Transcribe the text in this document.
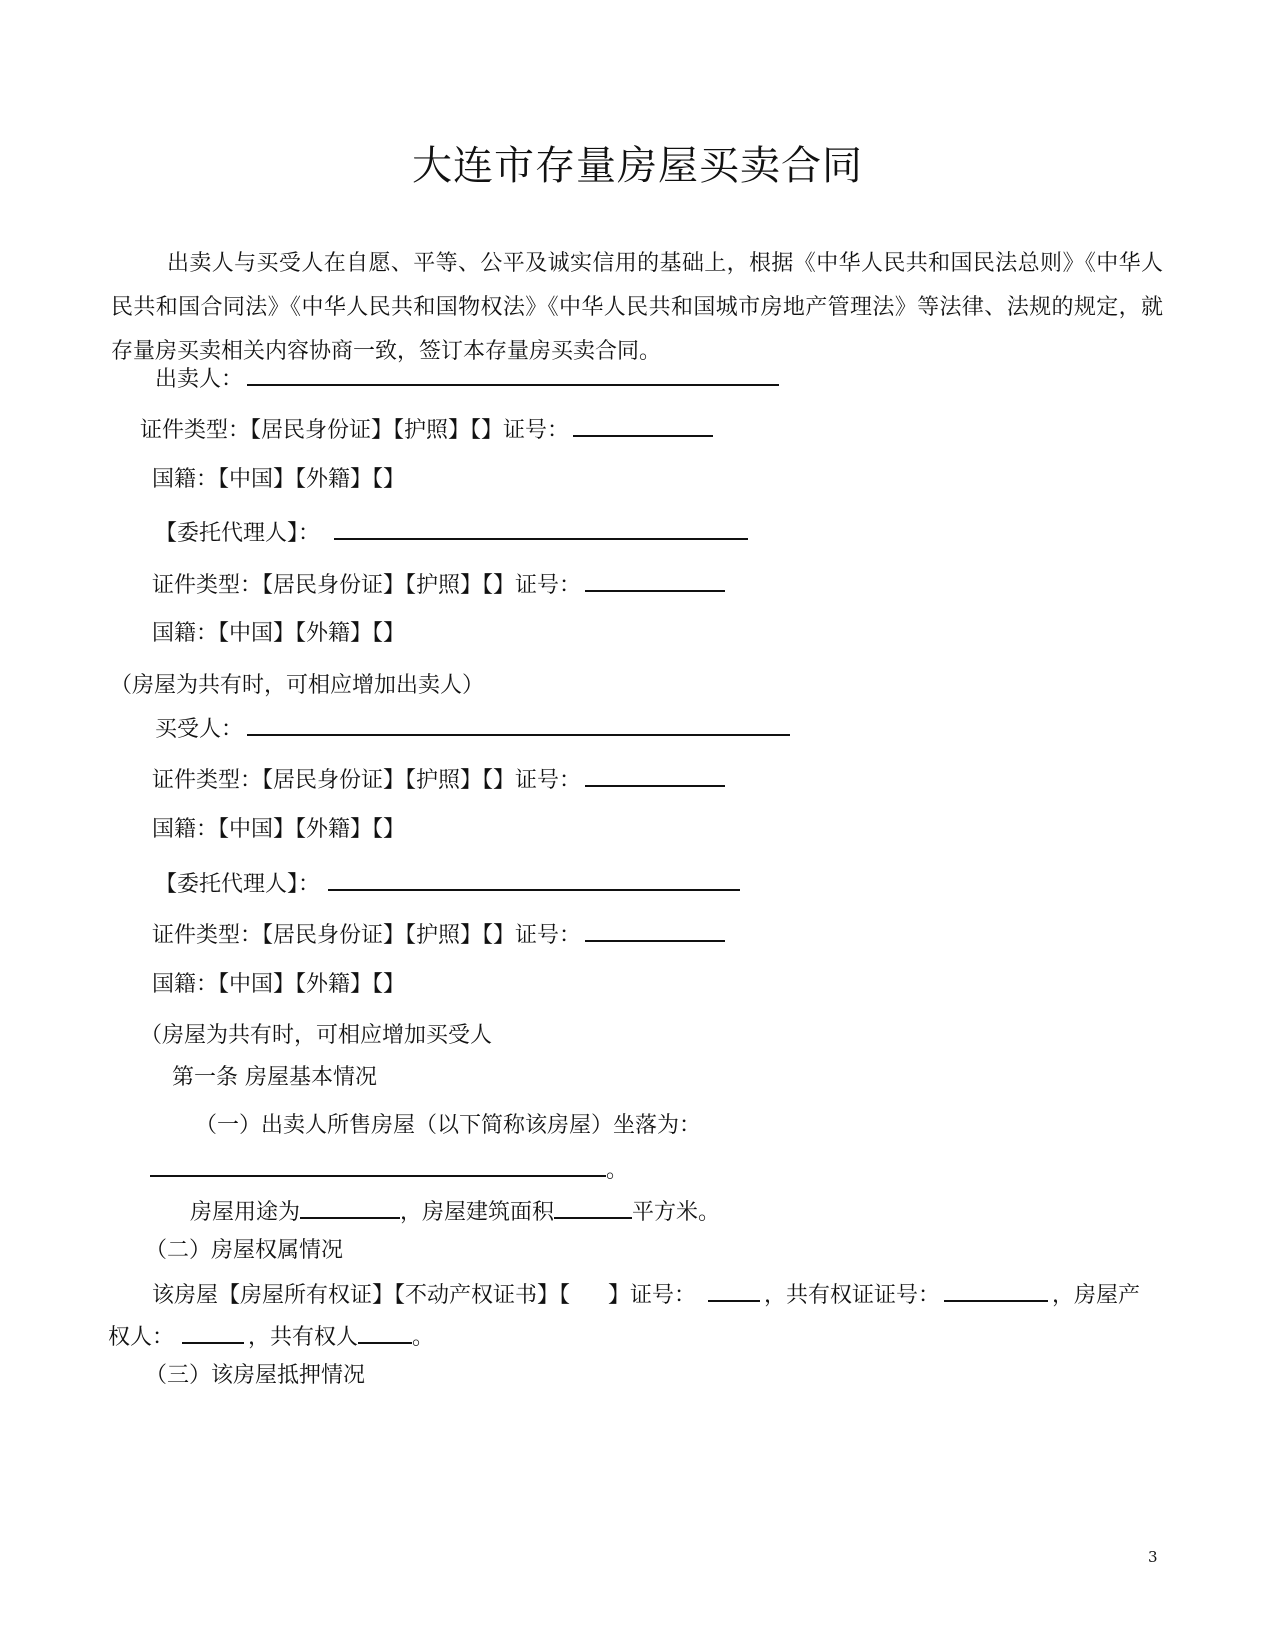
大连市存量房屋买卖合同
出卖人与买受人在自愿、平等、公平及诚实信用的基础上，根据《中华人民共和国民法总则》《中华人民共和国合同法》《中华人民共和国物权法》《中华人民共和国城市房地产管理法》等法律、法规的规定，就存量房买卖相关内容协商一致，签订本存量房买卖合同。
出卖人：
证件类型：【居民身份证】【护照】【】证号：
国籍：【中国】【外籍】【】
【委托代理人】：
证件类型：【居民身份证】【护照】【】证号：
国籍：【中国】【外籍】【】
（房屋为共有时，可相应增加出卖人）
买受人：
证件类型：【居民身份证】【护照】【】证号：
国籍：【中国】【外籍】【】
【委托代理人】：
证件类型：【居民身份证】【护照】【】证号：
国籍：【中国】【外籍】【】
（房屋为共有时，可相应增加买受人
第一条 房屋基本情况
（一）出卖人所售房屋（以下简称该房屋）坐落为：
。
房屋用途为	，房屋建筑面积	平方米。
（二）房屋权属情况
该房屋【房屋所有权证】【不动产权证书】【 】证号：	，共有权证证号：	，房屋产
权人：	，共有权人 。
（三）该房屋抵押情况
3
